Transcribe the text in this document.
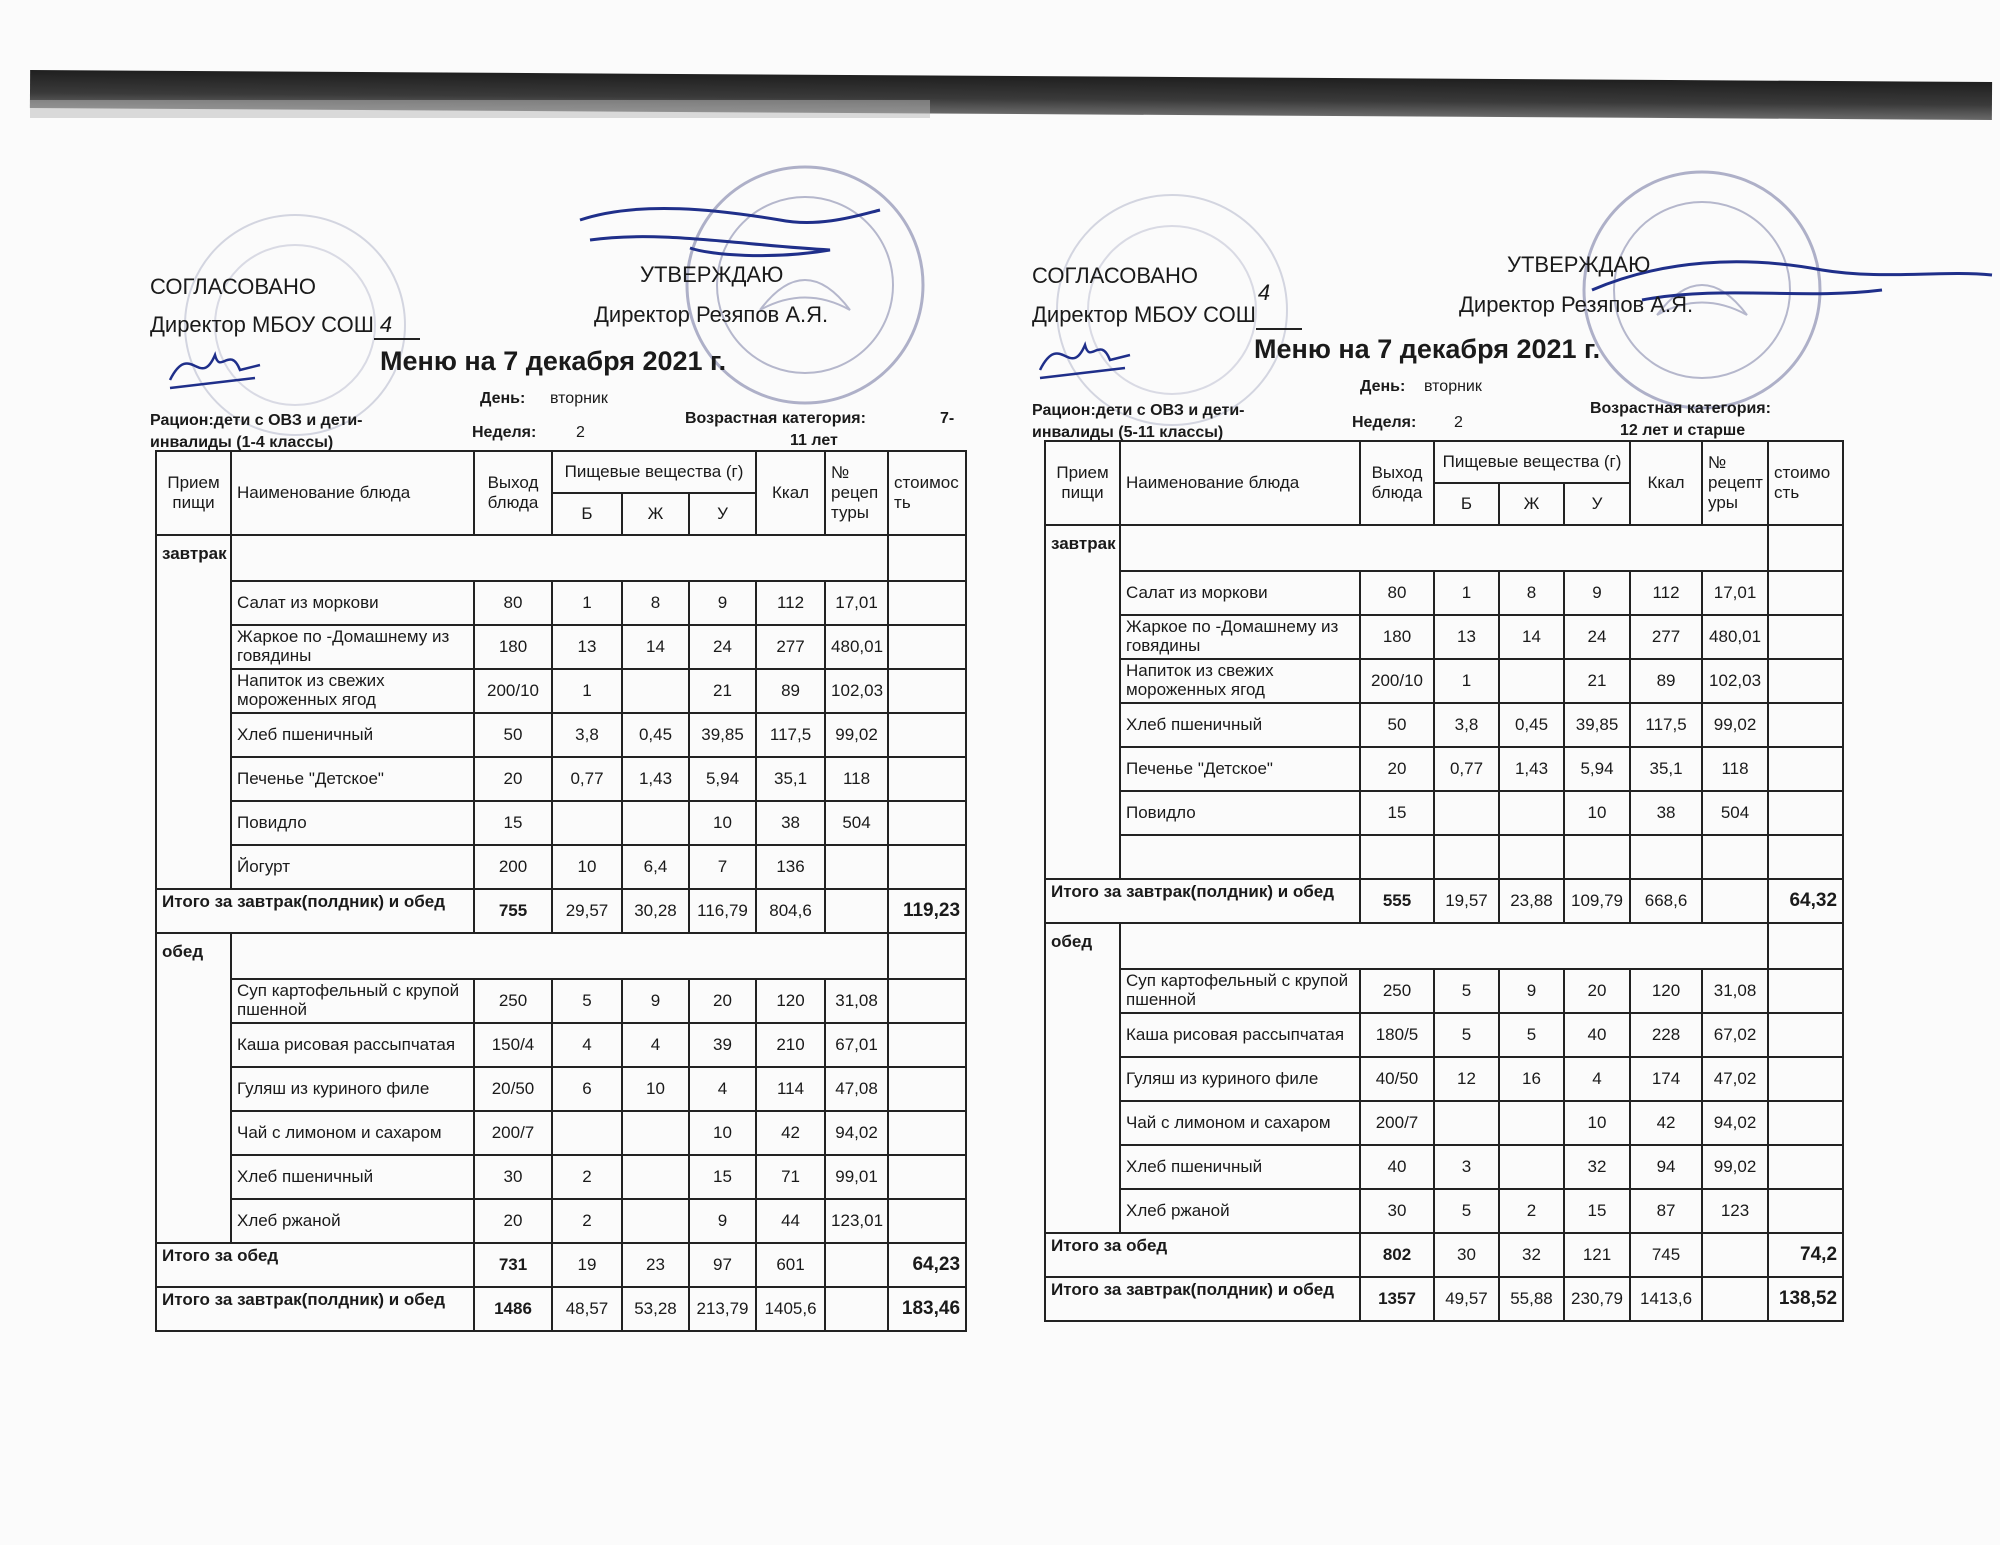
СОГЛАСОВАНО
Директор МБОУ СОШ 4
УТВЕРЖДАЮ
Директор Резяпов А.Я.
Меню на 7 декабря 2021 г.
День: вторник
Рацион:дети с ОВЗ и дети-
инвалиды (1-4 классы)
Неделя: 2
Возрастная категория:	7-
11 лет
Прием пищи	Наименование блюда	Выход блюда	Пищевые вещества (г)			Ккал	№ рецеп туры	стоимос ть
			Б	Ж	У			
завтрак								
	Салат из моркови	80	1	8	9	112	17,01	
	Жаркое по -Домашнему из говядины	180	13	14	24	277	480,01	
	Напиток из свежих мороженных ягод	200/10	1		21	89	102,03	
	Хлеб пшеничный	50	3,8	0,45	39,85	117,5	99,02	
	Печенье "Детское"	20	0,77	1,43	5,94	35,1	118	
	Повидло	15			10	38	504	
	Йогурт	200	10	6,4	7	136		
Итого за завтрак(полдник) и обед		755	29,57	30,28	116,79	804,6		119,23
обед								
	Суп картофельный с крупой пшенной	250	5	9	20	120	31,08	
	Каша рисовая рассыпчатая	150/4	4	4	39	210	67,01	
	Гуляш из куриного филе	20/50	6	10	4	114	47,08	
	Чай с лимоном и сахаром	200/7			10	42	94,02	
	Хлеб пшеничный	30	2		15	71	99,01	
	Хлеб ржаной	20	2		9	44	123,01	
Итого за обед		731	19	23	97	601		64,23
Итого за завтрак(полдник) и обед		1486	48,57	53,28	213,79	1405,6		183,46
СОГЛАСОВАНО
Директор МБОУ СОШ4
УТВЕРЖДАЮ
Директор Резяпов А.Я.
Меню на 7 декабря 2021 г.
День: вторник
Рацион:дети с ОВЗ и дети-
инвалиды (5-11 классы)
Неделя: 2
Возрастная категория:
12 лет и старше
Прием пищи	Наименование блюда	Выход блюда	Пищевые вещества (г)			Ккал	№ рецепт уры	стоимо сть
			Б	Ж	У			
завтрак								
	Салат из моркови	80	1	8	9	112	17,01	
	Жаркое по -Домашнему из говядины	180	13	14	24	277	480,01	
	Напиток из свежих мороженных ягод	200/10	1		21	89	102,03	
	Хлеб пшеничный	50	3,8	0,45	39,85	117,5	99,02	
	Печенье "Детское"	20	0,77	1,43	5,94	35,1	118	
	Повидло	15			10	38	504	

Итого за завтрак(полдник) и обед		555	19,57	23,88	109,79	668,6		64,32
обед								
	Суп картофельный с крупой пшенной	250	5	9	20	120	31,08	
	Каша рисовая рассыпчатая	180/5	5	5	40	228	67,02	
	Гуляш из куриного филе	40/50	12	16	4	174	47,02	
	Чай с лимоном и сахаром	200/7			10	42	94,02	
	Хлеб пшеничный	40	3		32	94	99,02	
	Хлеб ржаной	30	5	2	15	87	123	
Итого за обед		802	30	32	121	745		74,2
Итого за завтрак(полдник) и обед		1357	49,57	55,88	230,79	1413,6		138,52
